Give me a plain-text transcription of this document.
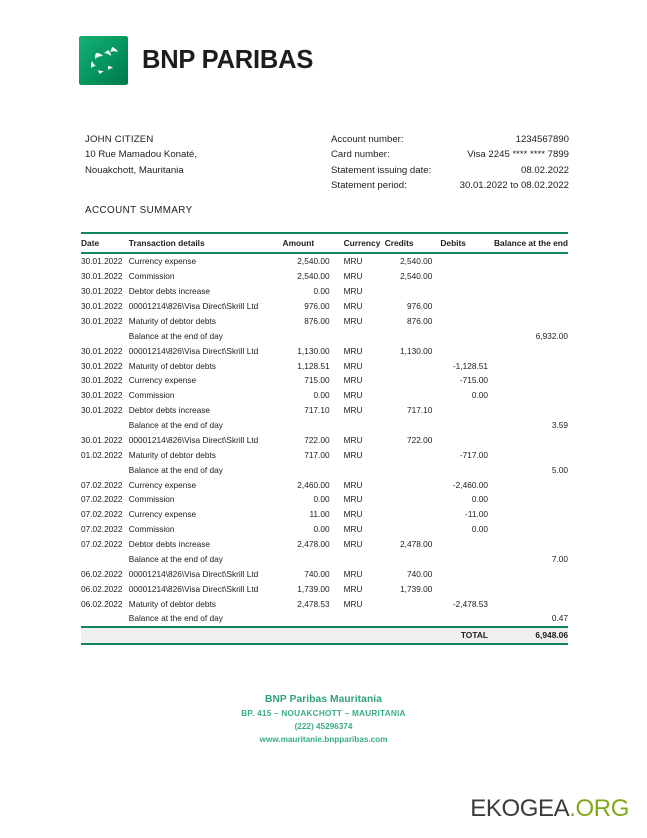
BNP PARIBAS
JOHN CITIZEN
10 Rue Mamadou Konaté,
Nouakchott, Mauritania
Account number:	1234567890
Card number:	Visa 2245 **** **** 7899
Statement issuing date:	08.02.2022
Statement period:	30.01.2022 to 08.02.2022
ACCOUNT SUMMARY
Date	Transaction details	Amount	Currency	Credits	Debits	Balance at the end
30.01.2022	Currency expense	2,540.00	MRU	2,540.00		
30.01.2022	Commission	2,540.00	MRU	2,540.00		
30.01.2022	Debtor debts increase	0.00	MRU			
30.01.2022	00001214\826\Visa Direct\Skrill Ltd	976.00	MRU	976.00		
30.01.2022	Maturity of debtor debts	876.00	MRU	876.00		
	Balance at the end of day					6,932.00
30.01.2022	00001214\826\Visa Direct\Skrill Ltd	1,130.00	MRU	1,130.00		
30.01.2022	Maturity of debtor debts	1,128.51	MRU		-1,128.51	
30.01.2022	Currency expense	715.00	MRU		-715.00	
30.01.2022	Commission	0.00	MRU		0.00	
30.01.2022	Debtor debts increase	717.10	MRU	717.10		
	Balance at the end of day					3.59
30.01.2022	00001214\826\Visa Direct\Skrill Ltd	722.00	MRU	722.00		
01.02.2022	Maturity of debtor debts	717.00	MRU		-717.00	
	Balance at the end of day					5.00
07.02.2022	Currency expense	2,460.00	MRU		-2,460.00	
07.02.2022	Commission	0.00	MRU		0.00	
07.02.2022	Currency expense	11.00	MRU		-11.00	
07.02.2022	Commission	0.00	MRU		0.00	
07.02.2022	Debtor debts increase	2,478.00	MRU	2,478.00		
	Balance at the end of day					7.00
06.02.2022	00001214\826\Visa Direct\Skrill Ltd	740.00	MRU	740.00		
06.02.2022	00001214\826\Visa Direct\Skrill Ltd	1,739.00	MRU	1,739.00		
06.02.2022	Maturity of debtor debts	2,478.53	MRU		-2,478.53	
	Balance at the end of day					0.47
					TOTAL	6,948.06
BNP Paribas Mauritania
BP. 415 – NOUAKCHOTT – MAURITANIA
(222) 45296374
www.mauritanie.bnpparibas.com
EKOGEA.ORG
